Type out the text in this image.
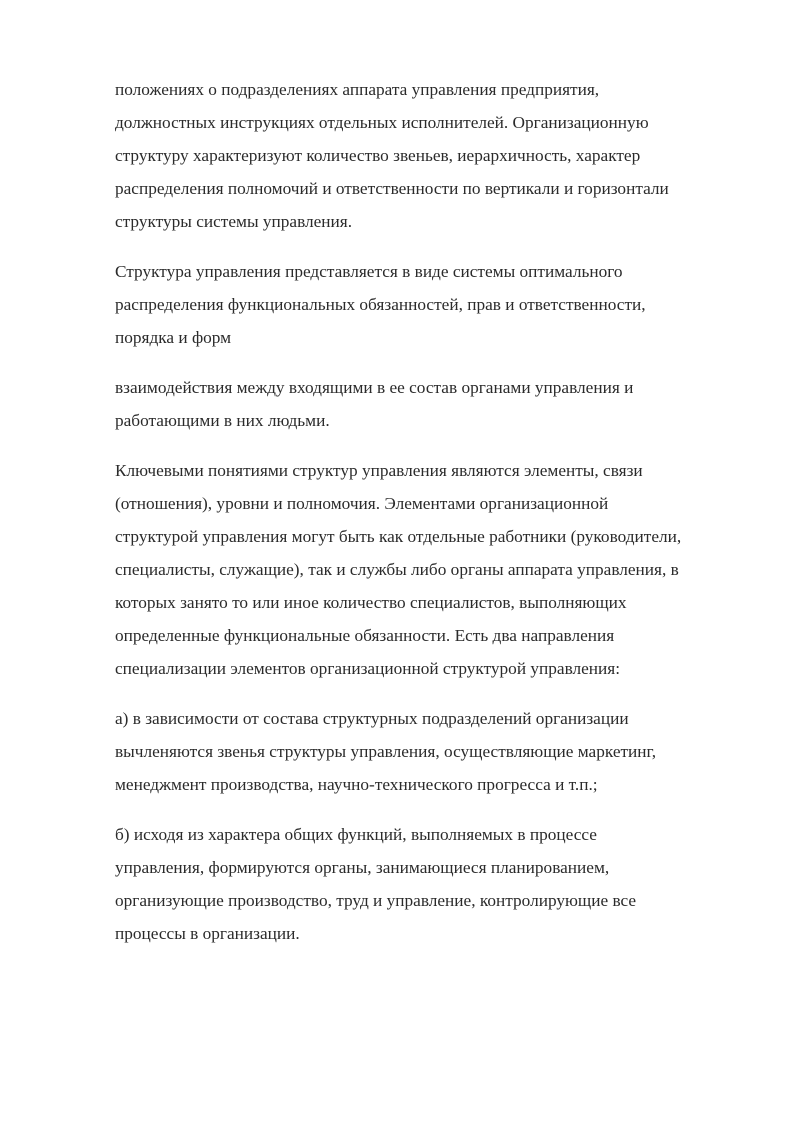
положениях о подразделениях аппарата управления предприятия,
должностных инструкциях отдельных исполнителей. Организационную
структуру характеризуют количество звеньев, иерархичность, характер
распределения полномочий и ответственности по вертикали и горизонтали
структуры системы управления.

Структура управления представляется в виде системы оптимального
распределения функциональных обязанностей, прав и ответственности,
порядка и форм

взаимодействия между входящими в ее состав органами управления и
работающими в них людьми.

Ключевыми понятиями структур управления являются элементы, связи
(отношения), уровни и полномочия. Элементами организационной
структурой управления могут быть как отдельные работники (руководители,
специалисты, служащие), так и службы либо органы аппарата управления, в
которых занято то или иное количество специалистов, выполняющих
определенные функциональные обязанности. Есть два направления
специализации элементов организационной структурой управления:

а) в зависимости от состава структурных подразделений организации
вычленяются звенья структуры управления, осуществляющие маркетинг,
менеджмент производства, научно-технического прогресса и т.п.;

б) исходя из характера общих функций, выполняемых в процессе
управления, формируются органы, занимающиеся планированием,
организующие производство, труд и управление, контролирующие все
процессы в организации.
